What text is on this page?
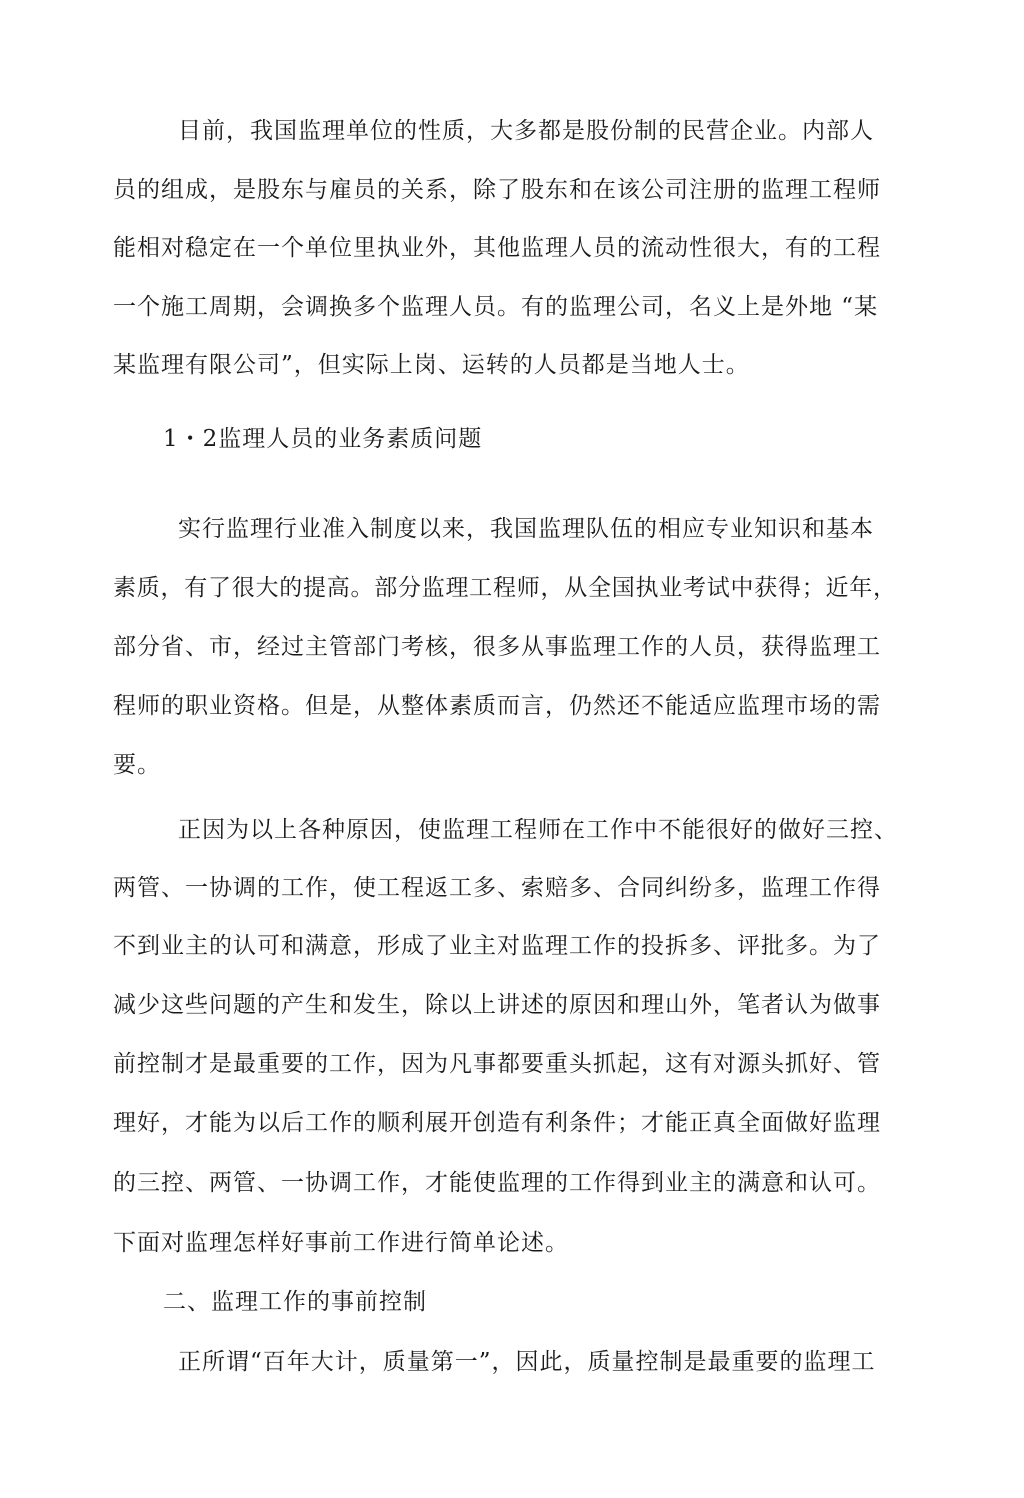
目前，我国监理单位的性质，大多都是股份制的民营企业。内部人
员的组成，是股东与雇员的关系，除了股东和在该公司注册的监理工程师
能相对稳定在一个单位里执业外，其他监理人员的流动性很大，有的工程
一个施工周期，会调换多个监理人员。有的监理公司，名义上是外地 “某
某监理有限公司”，但实际上岗、运转的人员都是当地人士。
1・2监理人员的业务素质问题
实行监理行业准入制度以来，我国监理队伍的相应专业知识和基本
素质，有了很大的提高。部分监理工程师，从全国执业考试中获得；近年，
部分省、市，经过主管部门考核，很多从事监理工作的人员，获得监理工
程师的职业资格。但是，从整体素质而言，仍然还不能适应监理市场的需
要。
正因为以上各种原因，使监理工程师在工作中不能很好的做好三控、
两管、一协调的工作，使工程返工多、索赔多、合同纠纷多，监理工作得
不到业主的认可和满意，形成了业主对监理工作的投拆多、评批多。为了
减少这些问题的产生和发生，除以上讲述的原因和理山外，笔者认为做事
前控制才是最重要的工作，因为凡事都要重头抓起，这有对源头抓好、管
理好，才能为以后工作的顺利展开创造有利条件；才能正真全面做好监理
的三控、两管、一协调工作，才能使监理的工作得到业主的满意和认可。
下面对监理怎样好事前工作进行简单论述。
二、监理工作的事前控制
正所谓“百年大计，质量第一”，因此，质量控制是最重要的监理工
